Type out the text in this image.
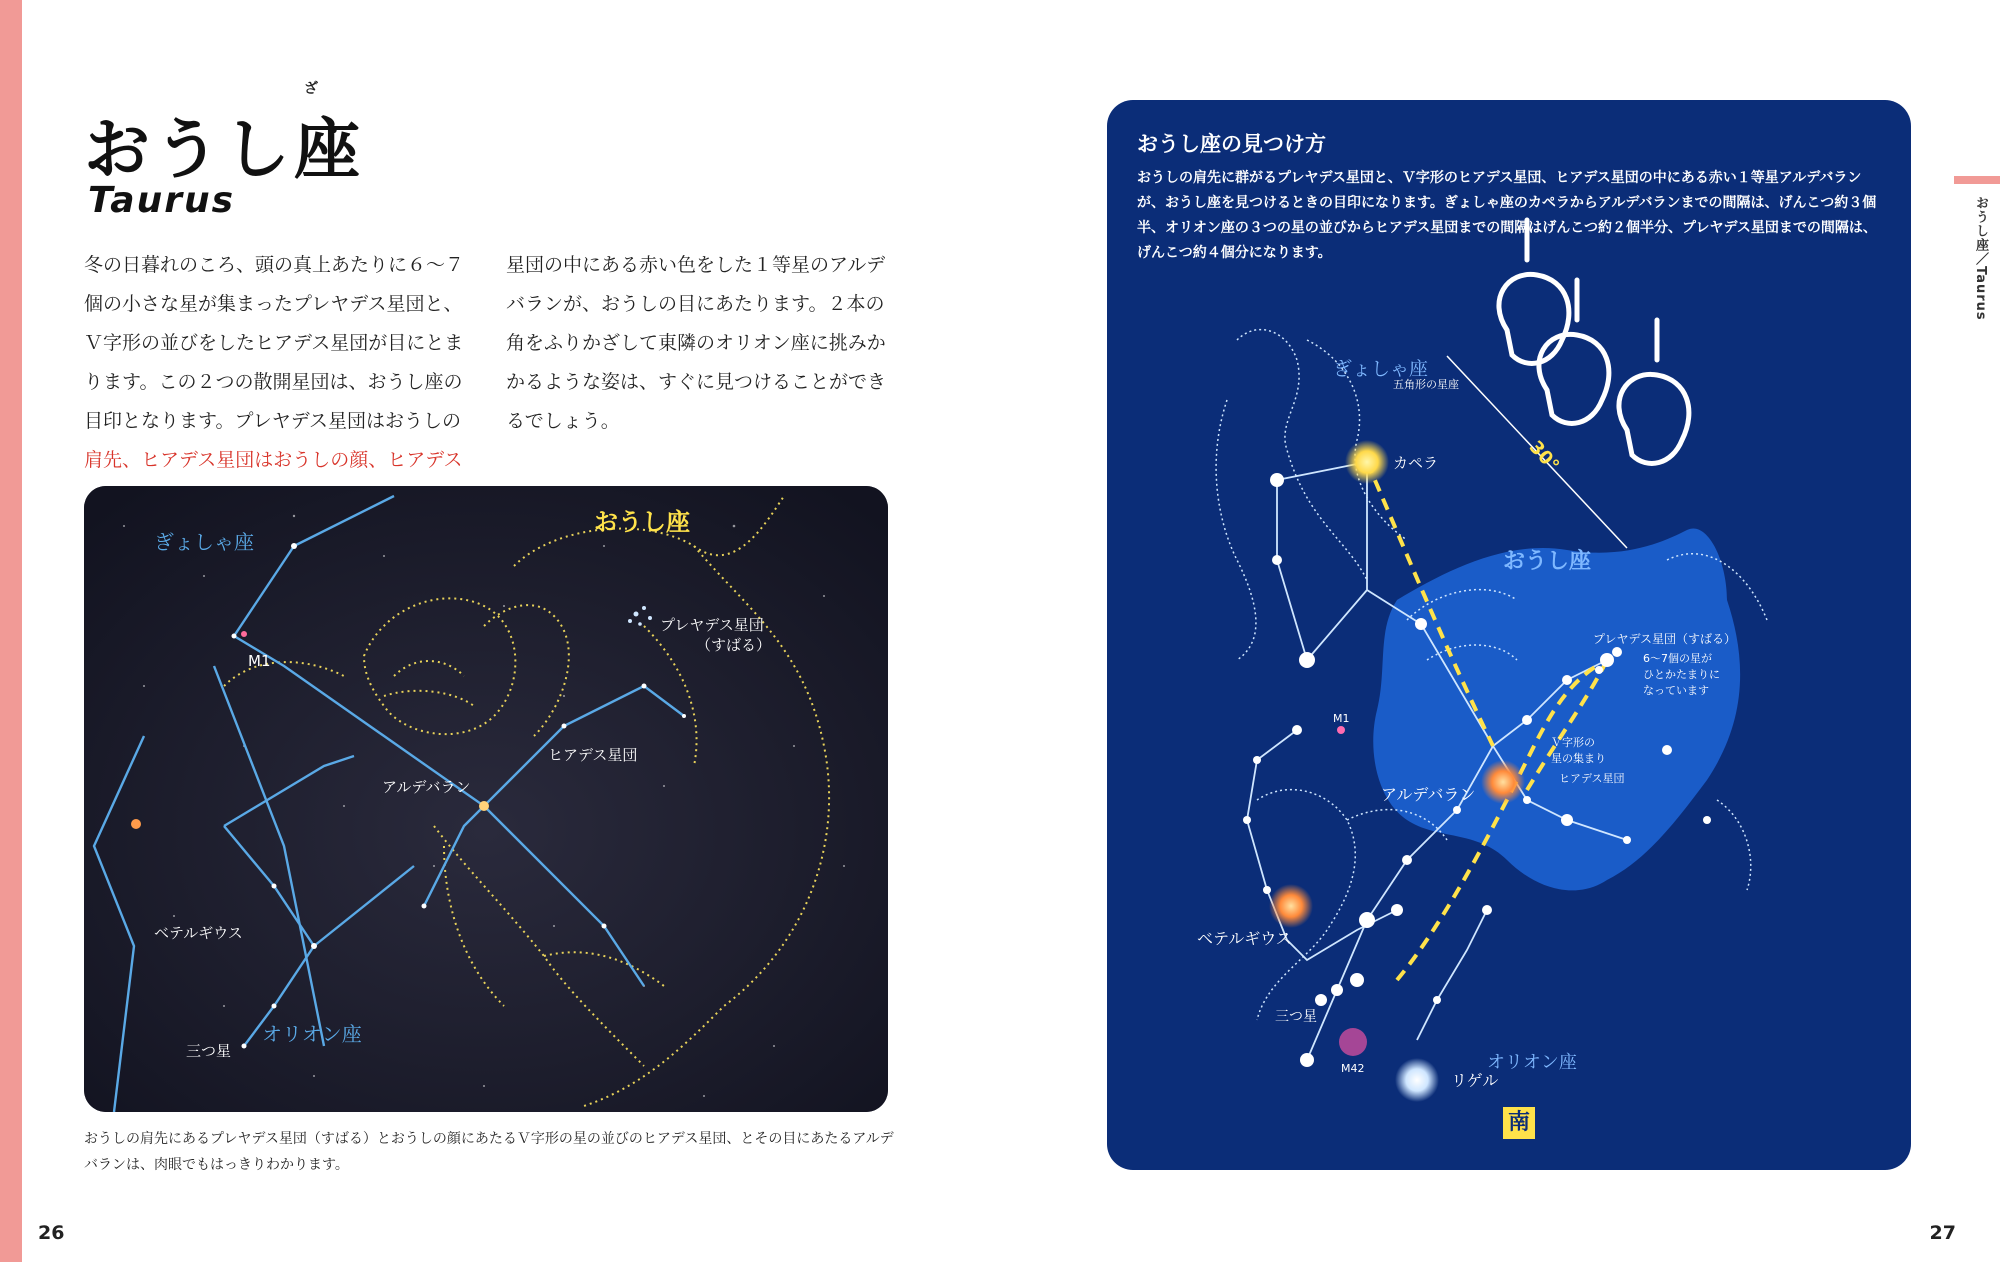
おうし座／Taurus
ざ
おうし座
Taurus

冬の日暮れのころ、頭の真上あたりに６～７個の小さな星が集まったプレヤデス星団と、Ｖ字形の並びをしたヒアデス星団が目にとまります。この２つの散開星団は、おうし座の目印となります。プレヤデス星団はおうしの肩先、ヒアデス星団はおうしの顔、ヒアデス

星団の中にある赤い色をした１等星のアルデバランが、おうしの目にあたります。２本の角をふりかざして東隣のオリオン座に挑みかかるような姿は、すぐに見つけることができるでしょう。

おうし座
ぎょしゃ座
プレヤデス星団
（すばる）
M1
ヒアデス星団
アルデバラン
ベテルギウス
オリオン座
三つ星

おうしの肩先にあるプレヤデス星団（すばる）とおうしの顔にあたるＶ字形の星の並びのヒアデス星団、とその目にあたるアルデバランは、肉眼でもはっきりわかります。

26
おうし座の見つけ方

おうしの肩先に群がるプレヤデス星団と、Ｖ字形のヒアデス星団、ヒアデス星団の中にある赤い１等星アルデバランが、おうし座を見つけるときの目印になります。ぎょしゃ座のカペラからアルデバランまでの間隔は、げんこつ約３個半、オリオン座の３つの星の並びからヒアデス星団までの間隔はげんこつ約２個半分、プレヤデス星団までの間隔は、げんこつ約４個分になります。

ぎょしゃ座
五角形の星座
カペラ	30°
おうし座
プレヤデス星団（すばる）
6～7個の星が
ひとかたまりに
なっています
M1
Ｖ字形の
星の集まり
ヒアデス星団
アルデバラン
ベテルギウス
三つ星
M42	オリオン座
リゲル
南
27
